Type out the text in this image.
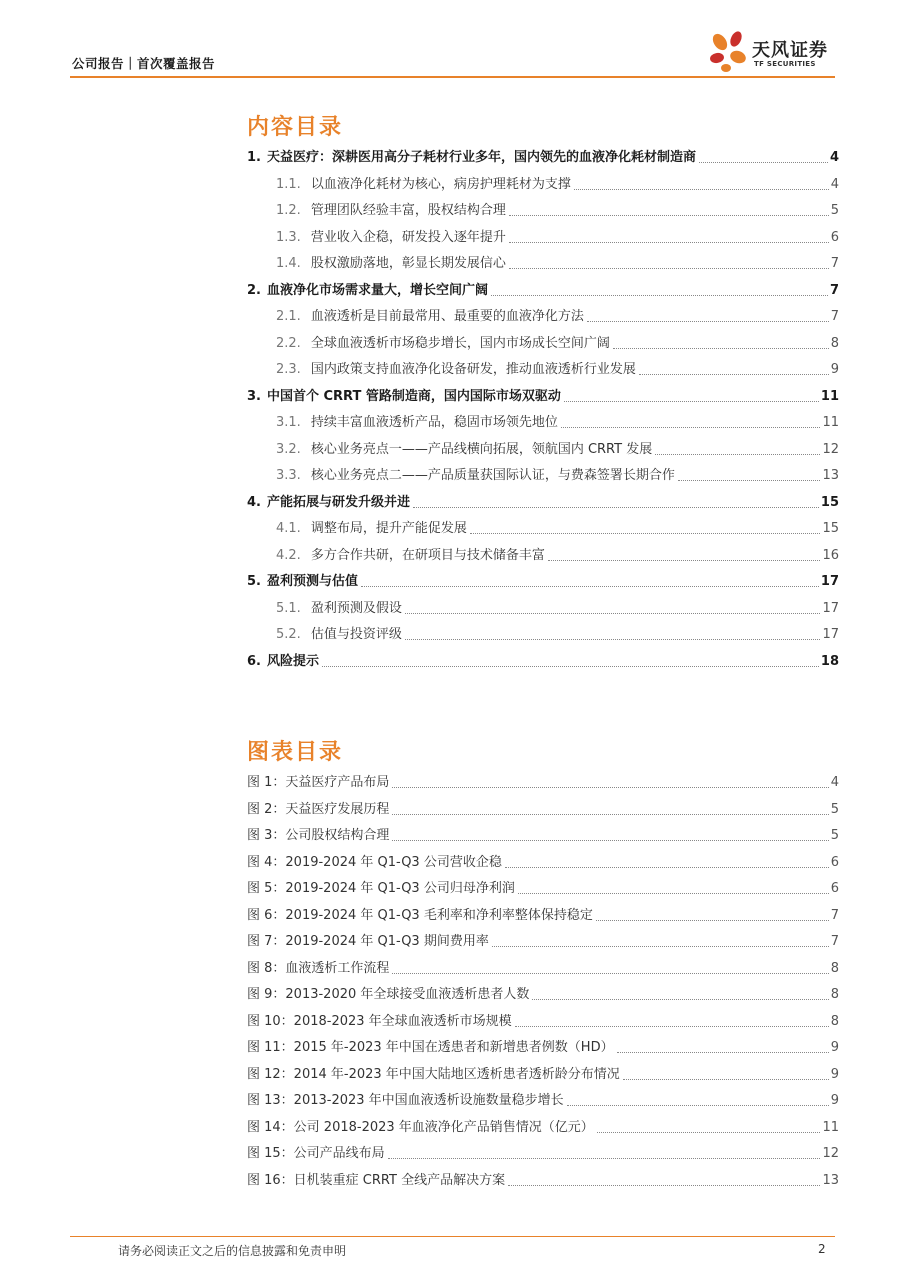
公司报告｜首次覆盖报告
天风证券
TF SECURITIES
内容目录
1. 天益医疗：深耕医用高分子耗材行业多年，国内领先的血液净化耗材制造商	4
1.1. 以血液净化耗材为核心，病房护理耗材为支撑	4
1.2. 管理团队经验丰富，股权结构合理	5
1.3. 营业收入企稳，研发投入逐年提升	6
1.4. 股权激励落地，彰显长期发展信心	7
2. 血液净化市场需求量大，增长空间广阔	7
2.1. 血液透析是目前最常用、最重要的血液净化方法	7
2.2. 全球血液透析市场稳步增长，国内市场成长空间广阔	8
2.3. 国内政策支持血液净化设备研发，推动血液透析行业发展	9
3. 中国首个 CRRT 管路制造商，国内国际市场双驱动	11
3.1. 持续丰富血液透析产品，稳固市场领先地位	11
3.2. 核心业务亮点一——产品线横向拓展，领航国内 CRRT 发展	12
3.3. 核心业务亮点二——产品质量获国际认证，与费森签署长期合作	13
4. 产能拓展与研发升级并进	15
4.1. 调整布局，提升产能促发展	15
4.2. 多方合作共研，在研项目与技术储备丰富	16
5. 盈利预测与估值	17
5.1. 盈利预测及假设	17
5.2. 估值与投资评级	17
6. 风险提示	18
图表目录
图 1：天益医疗产品布局	4
图 2：天益医疗发展历程	5
图 3：公司股权结构合理	5
图 4：2019-2024 年 Q1-Q3 公司营收企稳	6
图 5：2019-2024 年 Q1-Q3 公司归母净利润	6
图 6：2019-2024 年 Q1-Q3 毛利率和净利率整体保持稳定	7
图 7：2019-2024 年 Q1-Q3 期间费用率	7
图 8：血液透析工作流程	8
图 9：2013-2020 年全球接受血液透析患者人数	8
图 10：2018-2023 年全球血液透析市场规模	8
图 11：2015 年-2023 年中国在透患者和新增患者例数（HD）	9
图 12：2014 年-2023 年中国大陆地区透析患者透析龄分布情况	9
图 13：2013-2023 年中国血液透析设施数量稳步增长	9
图 14：公司 2018-2023 年血液净化产品销售情况（亿元）	11
图 15：公司产品线布局	12
图 16：日机装重症 CRRT 全线产品解决方案	13
请务必阅读正文之后的信息披露和免责申明	2
